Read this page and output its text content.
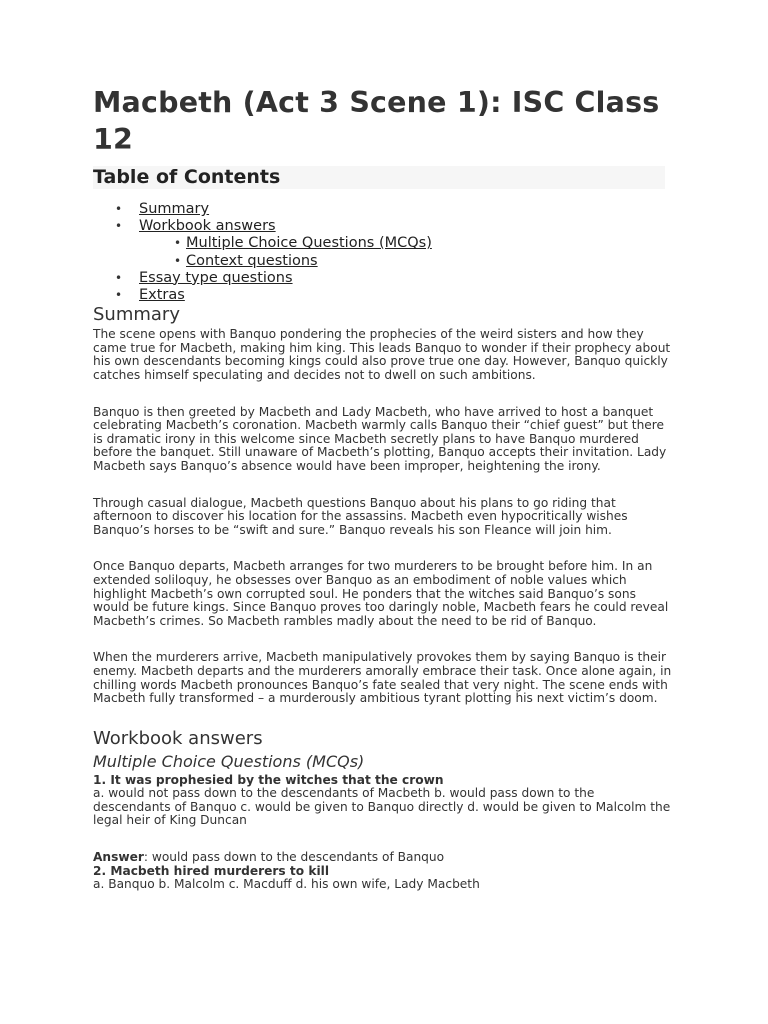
Macbeth (Act 3 Scene 1): ISC Class 12
Table of Contents
• Summary
• Workbook answers
• Multiple Choice Questions (MCQs)
• Context questions
• Essay type questions
• Extras
Summary

The scene opens with Banquo pondering the prophecies of the weird sisters and how they came true for Macbeth, making him king. This leads Banquo to wonder if their prophecy about his own descendants becoming kings could also prove true one day. However, Banquo quickly catches himself speculating and decides not to dwell on such ambitions.

Banquo is then greeted by Macbeth and Lady Macbeth, who have arrived to host a banquet celebrating Macbeth’s coronation. Macbeth warmly calls Banquo their “chief guest” but there is dramatic irony in this welcome since Macbeth secretly plans to have Banquo murdered before the banquet. Still unaware of Macbeth’s plotting, Banquo accepts their invitation. Lady Macbeth says Banquo’s absence would have been improper, heightening the irony.

Through casual dialogue, Macbeth questions Banquo about his plans to go riding that afternoon to discover his location for the assassins. Macbeth even hypocritically wishes Banquo’s horses to be “swift and sure.” Banquo reveals his son Fleance will join him.

Once Banquo departs, Macbeth arranges for two murderers to be brought before him. In an extended soliloquy, he obsesses over Banquo as an embodiment of noble values which highlight Macbeth’s own corrupted soul. He ponders that the witches said Banquo’s sons would be future kings. Since Banquo proves too daringly noble, Macbeth fears he could reveal Macbeth’s crimes. So Macbeth rambles madly about the need to be rid of Banquo.

When the murderers arrive, Macbeth manipulatively provokes them by saying Banquo is their enemy. Macbeth departs and the murderers amorally embrace their task. Once alone again, in chilling words Macbeth pronounces Banquo’s fate sealed that very night. The scene ends with Macbeth fully transformed – a murderously ambitious tyrant plotting his next victim’s doom.

Workbook answers
Multiple Choice Questions (MCQs)

1. It was prophesied by the witches that the crown

a. would not pass down to the descendants of Macbeth b. would pass down to the descendants of Banquo c. would be given to Banquo directly d. would be given to Malcolm the legal heir of King Duncan

Answer: would pass down to the descendants of Banquo

2. Macbeth hired murderers to kill

a. Banquo b. Malcolm c. Macduff d. his own wife, Lady Macbeth
